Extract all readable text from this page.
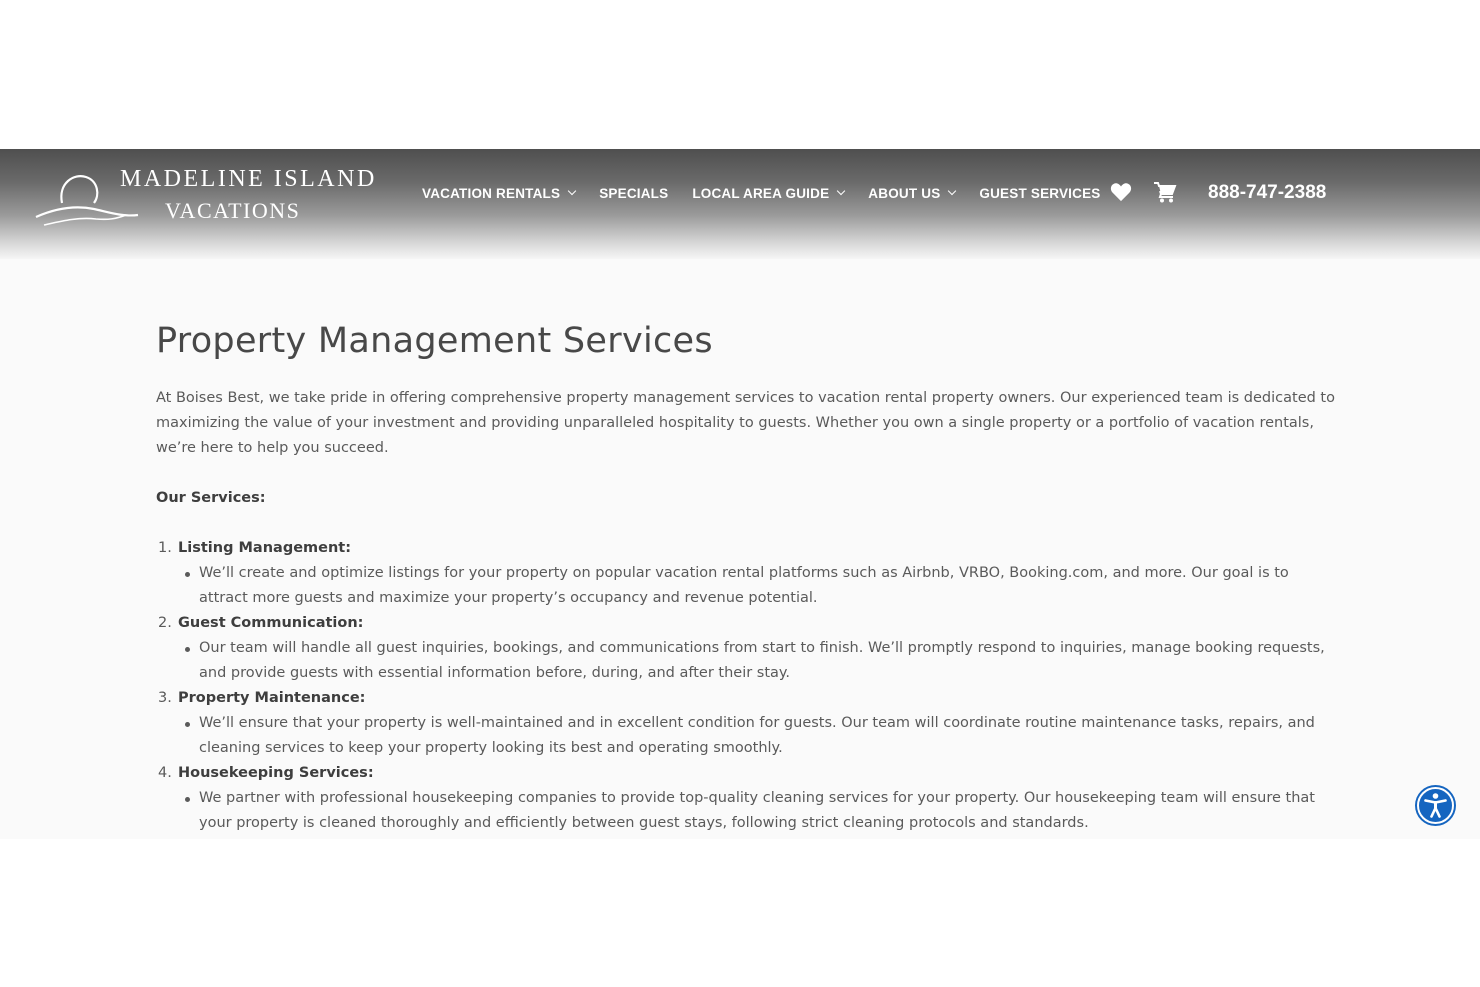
MADELINE ISLAND
VACATIONS
VACATION RENTALS	SPECIALS LOCAL AREA GUIDE	ABOUT US	GUEST SERVICES	888-747-2388
Property Management Services

At Boises Best, we take pride in offering comprehensive property management services to vacation rental property owners. Our experienced team is dedicated to maximizing the value of your investment and providing unparalleled hospitality to guests. Whether you own a single property or a portfolio of vacation rentals, we’re here to help you succeed.

Our Services:

1. Listing Management:
We’ll create and optimize listings for your property on popular vacation rental platforms such as Airbnb, VRBO, Booking.com, and more. Our goal is to attract more guests and maximize your property’s occupancy and revenue potential.
2. Guest Communication:
Our team will handle all guest inquiries, bookings, and communications from start to finish. We’ll promptly respond to inquiries, manage booking requests, and provide guests with essential information before, during, and after their stay.
3. Property Maintenance:
We’ll ensure that your property is well-maintained and in excellent condition for guests. Our team will coordinate routine maintenance tasks, repairs, and cleaning services to keep your property looking its best and operating smoothly.
4. Housekeeping Services:
We partner with professional housekeeping companies to provide top-quality cleaning services for your property. Our housekeeping team will ensure that your property is cleaned thoroughly and efficiently between guest stays, following strict cleaning protocols and standards.
